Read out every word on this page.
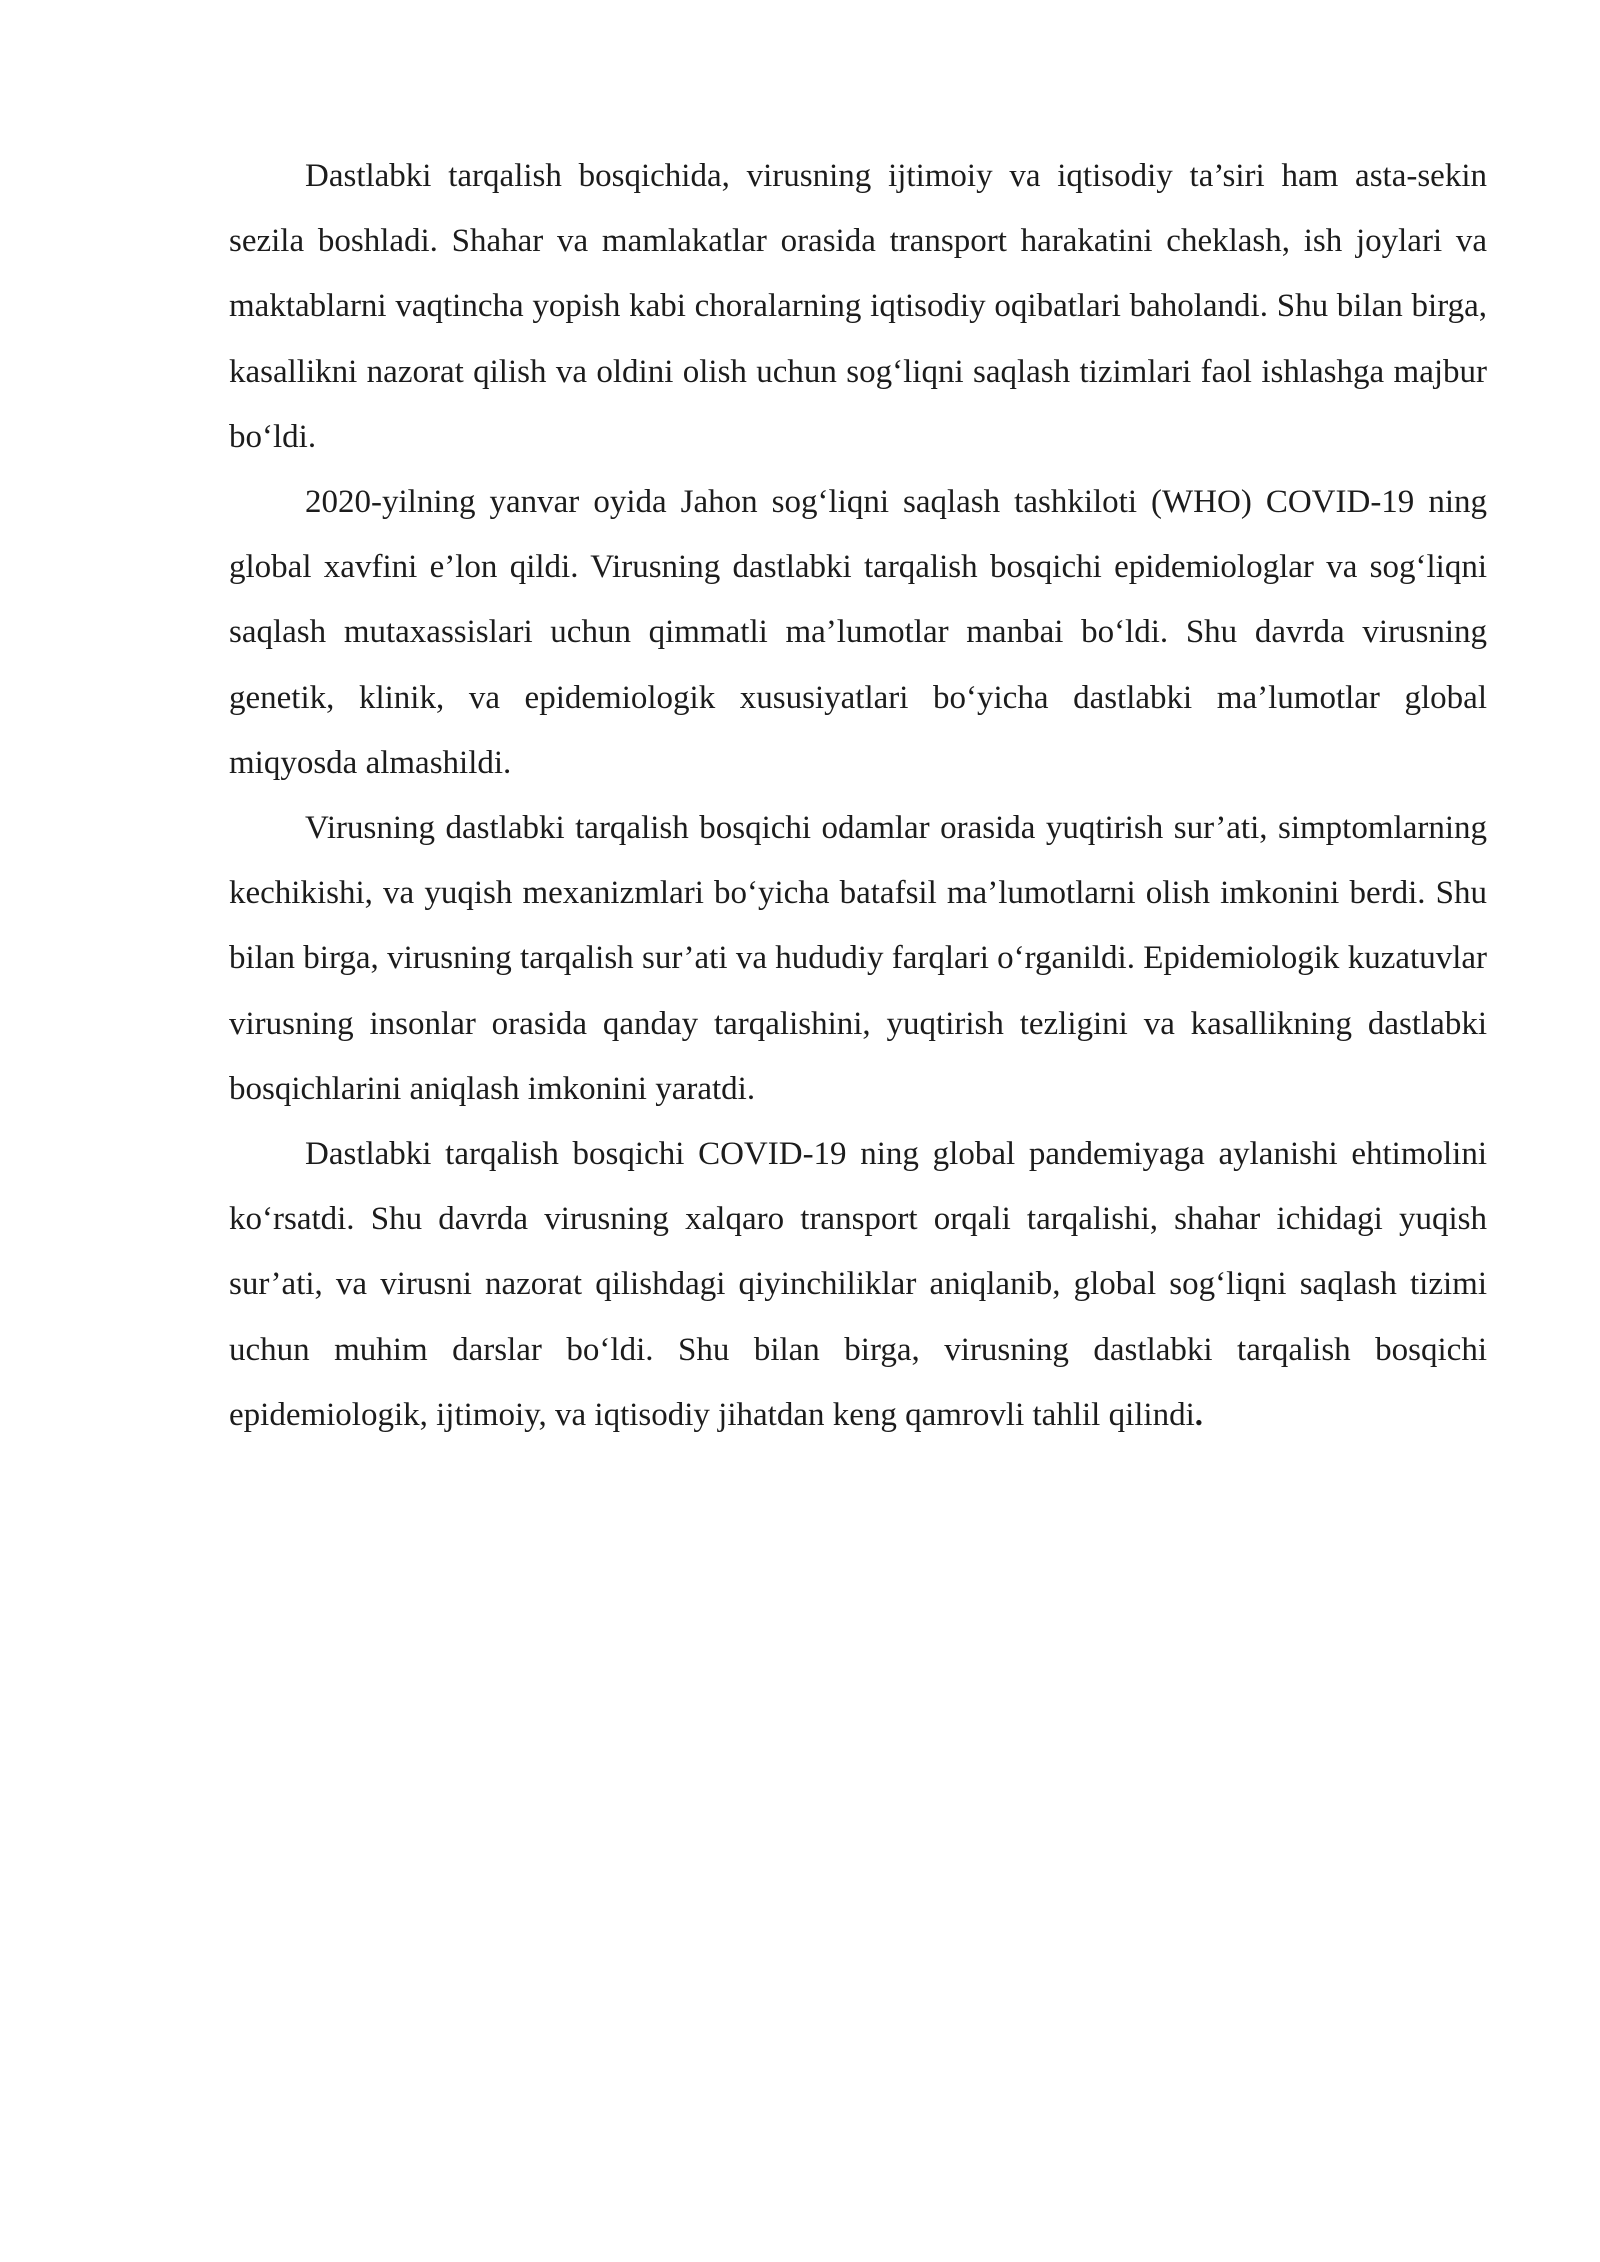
Dastlabki tarqalish bosqichida, virusning ijtimoiy va iqtisodiy ta’siri ham asta-sekin sezila boshladi. Shahar va mamlakatlar orasida transport harakatini cheklash, ish joylari va maktablarni vaqtincha yopish kabi choralarning iqtisodiy oqibatlari baholandi. Shu bilan birga, kasallikni nazorat qilish va oldini olish uchun sog‘liqni saqlash tizimlari faol ishlashga majbur bo‘ldi.

2020-yilning yanvar oyida Jahon sog‘liqni saqlash tashkiloti (WHO) COVID-19 ning global xavfini e’lon qildi. Virusning dastlabki tarqalish bosqichi epidemiologlar va sog‘liqni saqlash mutaxassislari uchun qimmatli ma’lumotlar manbai bo‘ldi. Shu davrda virusning genetik, klinik, va epidemiologik xususiyatlari bo‘yicha dastlabki ma’lumotlar global miqyosda almashildi.

Virusning dastlabki tarqalish bosqichi odamlar orasida yuqtirish sur’ati, simptomlarning kechikishi, va yuqish mexanizmlari bo‘yicha batafsil ma’lumotlarni olish imkonini berdi. Shu bilan birga, virusning tarqalish sur’ati va hududiy farqlari o‘rganildi. Epidemiologik kuzatuvlar virusning insonlar orasida qanday tarqalishini, yuqtirish tezligini va kasallikning dastlabki bosqichlarini aniqlash imkonini yaratdi.

Dastlabki tarqalish bosqichi COVID-19 ning global pandemiyaga aylanishi ehtimolini ko‘rsatdi. Shu davrda virusning xalqaro transport orqali tarqalishi, shahar ichidagi yuqish sur’ati, va virusni nazorat qilishdagi qiyinchiliklar aniqlanib, global sog‘liqni saqlash tizimi uchun muhim darslar bo‘ldi. Shu bilan birga, virusning dastlabki tarqalish bosqichi epidemiologik, ijtimoiy, va iqtisodiy jihatdan keng qamrovli tahlil qilindi.
